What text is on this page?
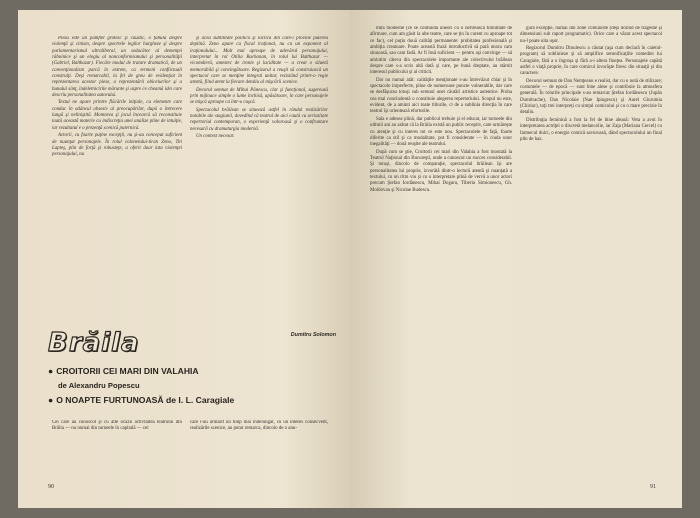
Piesa este un pamflet grotesc şi caustic, o fabulă despre violenţă şi cinism, despre spectrele legilor burgheze şi despre parlamentarismul ultraliberal, un seducător al demenţei răboinice şi un elogiu al nonconformismului şi personalităţii (Gabriel, Balthazar). Fiecăre modul de tratare dramatică, de un convenţionalism parcă în extrem, ca termeni conflictuali construiţi. Deşi remarcabil, la fel de greu de evidenţiat în reprezentarea acestor piese, a reprezentării obiceiurilor şi a bunului simţ, îndeletnicirile mărunte şi aspre ce cheamă idei care descriu personalitatea autorului.

Textul ne apare printre flăcările iniţiale, cu elemente care conduc în adâncul obsesiv al preocupărilor, după o întrecere lungă şi neliniştită. Montarea şi jocul încearcă să reconstituie toată această materie cu indiscreţia unei analize pline de intuiţie, iar rezultatul e o prezenţă scenică puternică.

Actorii, cu foarte puţine excepţii, nu şi-au conceput suficient de nuanţat personajele. În rolul colonelului-tiran Zeno, Titi Lapteş, plin de forţă şi robusteţe, a oferit doar lata violenţei personajului, nu

şi acea subtilitate politică şi tactică din care-i provine puterea deplină. Zeno apare ca fiscal irațional, nu ca un exponent al iraţionalului... Mult mai aproape de adevărul personajului, interpretat în rol Otilia Buchanan, în rolul lui Balthazar — vicomdieră, amestec de ironie şi luciditate — a creat o siluetă memorabilă şi convingătoare. Regizorul a reuşit să construiască un spectacol care se menţine integral unitar, rezistând printr-o regie atentă, fiind atent la fiecare detaliu al mişcării scenice.

Decorul semnat de Mihai Pănescu, clar şi funcţional, sugerează prin mijloace simple o lume închisă, apăsătoare, în care personajele se mişcă aproape ca într-o cuşcă.

Spectacolul brăilean se situează astfel în rândul realizărilor notabile ale stagiunii, dovedind că teatrul de aici caută cu seriozitate repertoriul contemporan, o experienţă valoroasă şi o confruntare necesară cu dramaturgia modernă.

Un context necesar.

Dumitru Solomon
Brăila
● CROITORII CEI MARI DIN VALAHIA
de Alexandru Popescu
● O NOAPTE FURTUNOASĂ de I. L. Caragiale
Cei care au cunoscut şi cu alte ocazii activitatea teatrului din Brăila — nu numai din turneele în capitală — cei
care i-au urmărit un timp mai îndelungat, cu un interes consecvent, realizările scenice, au putut remarca, dincolo de o anu-
90

mită modestie (ce se confundă uneori cu o nefirească timiditate de afirmare, cum am găsit la alte teatre, care se țin în curent cu aproape tot ce fac), cel puțin două calități permanente: probitatea profesională şi ambiţia creatoare. Poate această frază introductivă să pară unora cam sinuoasă, sau cam fadă. Ar fi însă suficient — pentru aşi convinge — să amintim câteva din spectacolele importante ale colectivului brăilean despre care s-a scris altă dată şi care, pe bună dreptate, au stârnit interesul publicului şi al criticii.

Dar nu numai atât: calităţile menţionate s-au întrevăzut chiar şi în spectacole imperfecte, pline de numeroase puncte vulnerabile, dar care se desfăşurau totuşi sub semnul unei căutări artistice autentice. Proba cea mai concludentă o constituie alegerea repertoriului. Scopul nu este, evident, de a aminti aici toate titlurile, ci de a sublinia direcţia în care teatrul îşi orientează eforturile.

Sala e adesea plină, dar publicul trebuie şi el educat, iar turneele din ultimii ani au arătat că la Brăila există un public receptiv, care urmăreşte cu atenţie şi cu interes tot ce este nou. Spectacolele de faţă, foarte diferite ca stil şi ca modalitate, pot fi considerate — în ciuda unor inegalităţi — două reuşite ale teatrului.

După cum se ştie, Croitorii cei mari din Valahia a fost montată la Teatrul Naţional din Bucureşti, unde a cunoscut un succes considerabil. Şi totuşi, dincolo de comparaţie, spectacolul brăilean îşi are personalitatea lui proprie, izvorâtă dintr-o lectură atentă şi nuanţată a textului, cu un ritm viu şi cu o interpretare plină de vervă a unor actori precum Ştefan Iordănescu, Mihai Dogaru, Tiberiu Simionescu, Gh. Moldovan şi Nicolae Budescu.

gură excepţie, numai din zone comuniste (deşi dorind de tragedie şi dimensiuni sub raport programatic). Orice care a văzut acest spectacol nu-l poate uita uşor.

Regizorul Dumitru Dinulescu a căutat (aşa cum declară în caietul-program) să sublinieze şi să amplifice semnificaţiile comediei lui Caragiale, fără a o îngroşa şi fără a-i altera fineţea. Personajele capătă astfel o viaţă proprie, în care comicul izvorăşte firesc din situaţii şi din caractere.

Decorul semnat de Dan Nemţeanu e realist, dar cu o notă de stilizare; costumele — de epocă — sunt bine alese şi contribuie la atmosfera generală. În rolurile principale s-au remarcat Ştefan Iordănescu (Jupân Dumitrache), Dan Nicolaie (Nae Ipingescu) şi Aurel Giurumia (Chiriac), toţi trei interpreţi cu simţul comicului şi cu o mare precizie în detaliu.

Distribuţia feminină a fost la fel de bine aleasă: Veta a avut în interpretarea actriţei o discretă melancolie, iar Zaţa (Mariana Cercel) cu farmecul dulci, o energie comică savuroasă, dând spectacolului un final plin de haz.

91
